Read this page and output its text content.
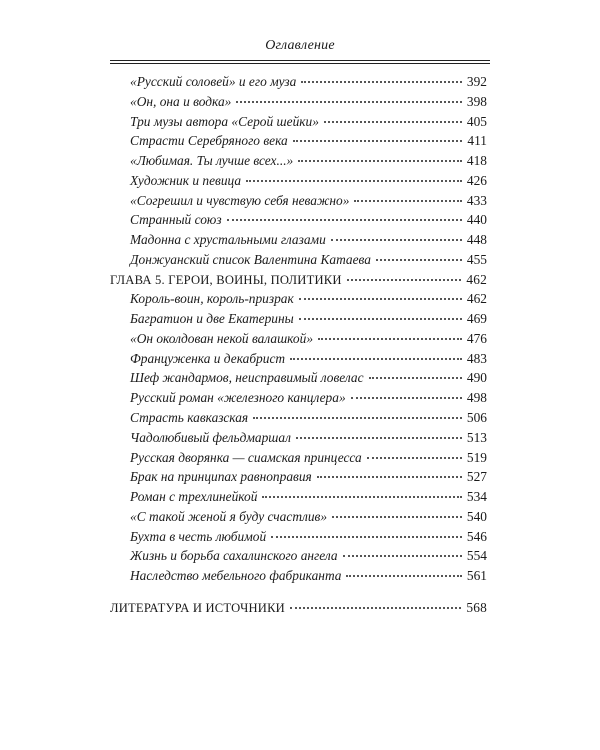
Оглавление
«Русский соловей» и его муза	392
«Он, она и водка»	398
Три музы автора «Серой шейки»	405
Страсти Серебряного века	411
«Любимая. Ты лучше всех...»	418
Художник и певица	426
«Согрешил и чувствую себя неважно»	433
Странный союз	440
Мадонна с хрустальными глазами	448
Донжуанский список Валентина Катаева	455
ГЛАВА 5. ГЕРОИ, ВОИНЫ, ПОЛИТИКИ	462
Король-воин, король-призрак	462
Багратион и две Екатерины	469
«Он околдован некой валашкой»	476
Француженка и декабрист	483
Шеф жандармов, неисправимый ловелас	490
Русский роман «железного канцлера»	498
Страсть кавказская	506
Чадолюбивый фельдмаршал	513
Русская дворянка — сиамская принцесса	519
Брак на принципах равноправия	527
Роман с трехлинейкой	534
«С такой женой я буду счастлив»	540
Бухта в честь любимой	546
Жизнь и борьба сахалинского ангела	554
Наследство мебельного фабриканта	561
ЛИТЕРАТУРА И ИСТОЧНИКИ	568
